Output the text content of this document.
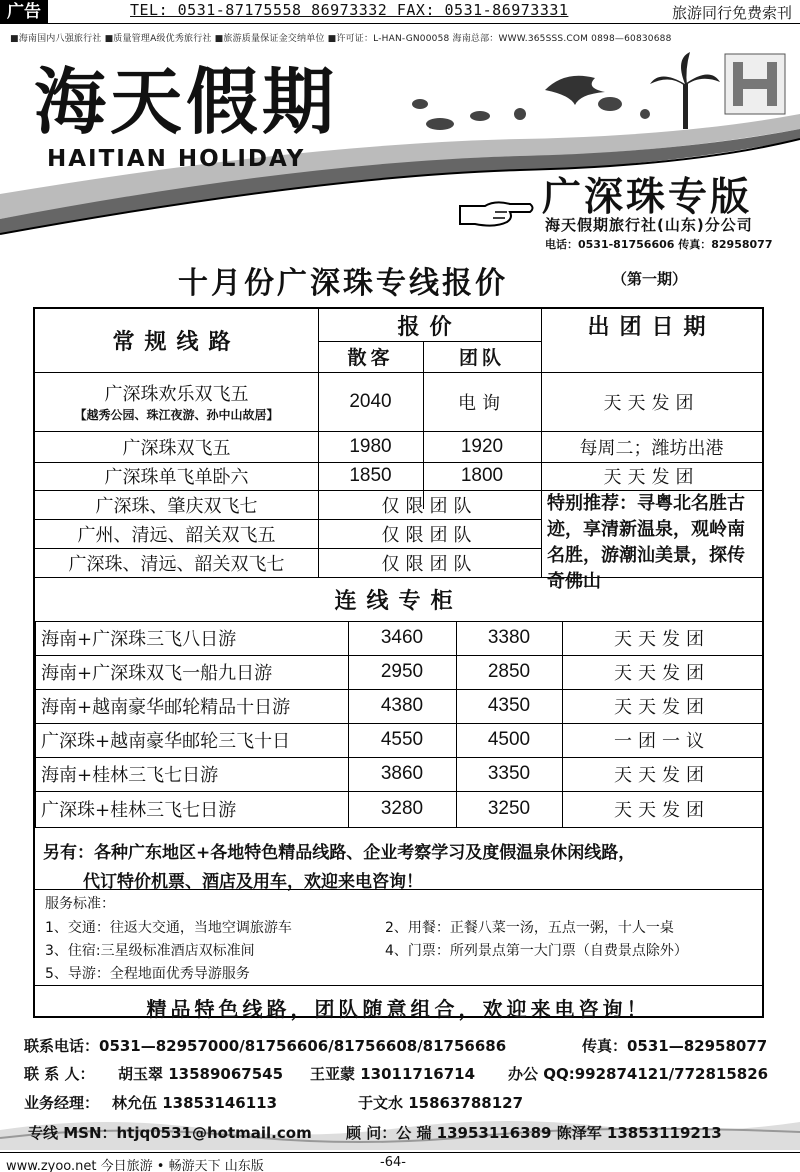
广告	TEL: 0531-87175558 86973332 FAX: 0531-86973331	旅游同行免费索刊
■海南国内八强旅行社 ■质量管理A级优秀旅行社 ■旅游质量保证金交纳单位 ■许可证：L-HAN-GN00058 海南总部：WWW.365SSS.COM 0898—60830688
海天假期
HAITIAN HOLIDAY
广深珠专版
海天假期旅行社(山东)分公司
电话：0531-81756606 传真：82958077
十月份广深珠专线报价	（第一期）
常规线路
报价	出团日期
散客	团队
广深珠欢乐双飞五
【越秀公园、珠江夜游、孙中山故居】
2040	电询	天天发团
广深珠双飞五	1980	1920	每周二；潍坊出港
广深珠单飞单卧六	1850	1800	天天发团
广深珠、肇庆双飞七	仅限团队
广州、清远、韶关双飞五	仅限团队
广深珠、清远、韶关双飞七	仅限团队
特别推荐：寻粤北名胜古迹，享清新温泉，观岭南名胜，游潮汕美景，探传奇佛山
连线专柜
海南+广深珠三飞八日游	3460	3380	天天发团
海南+广深珠双飞一船九日游	2950	2850	天天发团
海南+越南豪华邮轮精品十日游	4380	4350	天天发团
广深珠+越南豪华邮轮三飞十日	4550	4500	一团一议
海南+桂林三飞七日游	3860	3350	天天发团
广深珠+桂林三飞七日游	3280	3250	天天发团
另有：各种广东地区+各地特色精品线路、企业考察学习及度假温泉休闲线路，
代订特价机票、酒店及用车，欢迎来电咨询！
服务标准：
1、交通：往返大交通，当地空调旅游车	2、用餐：正餐八菜一汤，五点一粥，十人一桌
3、住宿:三星级标准酒店双标准间	4、门票：所列景点第一大门票（自费景点除外）
5、导游：全程地面优秀导游服务
精品特色线路，团队随意组合，欢迎来电咨询！
联系电话：0531—82957000/81756606/81756608/81756686	传真：0531—82958077
联 系 人： 胡玉翠 13589067545 王亚蒙 13011716714 办公 QQ:992874121/772815826
业务经理： 林允伍 13853146113	于文水 15863788127
专线 MSN：htjq0531@hotmail.com 顾 问：公 瑞 13953116389 陈泽军 13853119213
www.zyoo.net 今日旅游 • 畅游天下 山东版	-64-
